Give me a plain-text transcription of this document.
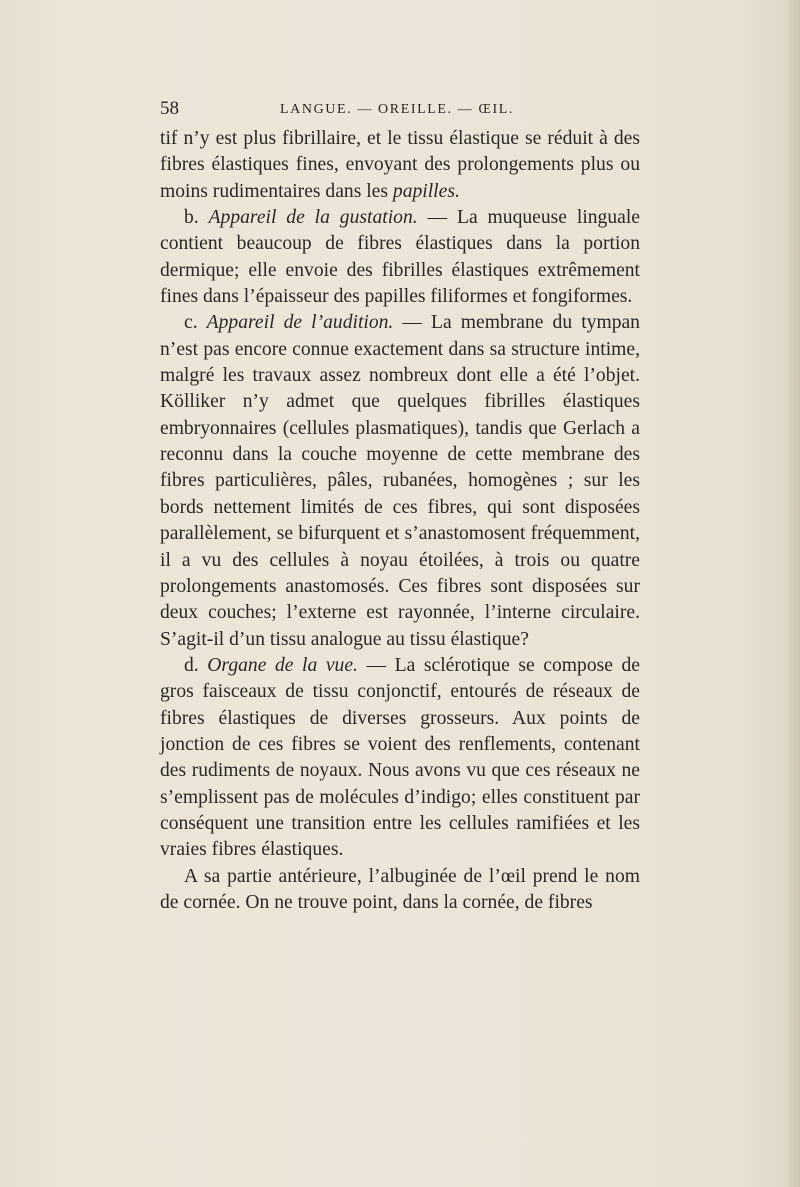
58	LANGUE. — OREILLE. — ŒIL.

tif n’y est plus fibrillaire, et le tissu élastique se réduit à des fibres élastiques fines, envoyant des prolongements plus ou moins rudimentaires dans les papilles.

b. Appareil de la gustation. — La muqueuse linguale contient beaucoup de fibres élastiques dans la portion dermique; elle envoie des fibrilles élastiques extrêmement fines dans l’épaisseur des papilles filiformes et fongiformes.

c. Appareil de l’audition. — La membrane du tympan n’est pas encore connue exactement dans sa structure intime, malgré les travaux assez nombreux dont elle a été l’objet. Kölliker n’y admet que quelques fibrilles élastiques embryonnaires (cellules plasmatiques), tandis que Gerlach a reconnu dans la couche moyenne de cette membrane des fibres particulières, pâles, rubanées, homogènes ; sur les bords nettement limités de ces fibres, qui sont disposées parallèlement, se bifurquent et s’anastomosent fréquemment, il a vu des cellules à noyau étoilées, à trois ou quatre prolongements anastomosés. Ces fibres sont disposées sur deux couches; l’externe est rayonnée, l’interne circulaire. S’agit-il d’un tissu analogue au tissu élastique?

d. Organe de la vue. — La sclérotique se compose de gros faisceaux de tissu conjonctif, entourés de réseaux de fibres élastiques de diverses grosseurs. Aux points de jonction de ces fibres se voient des renflements, contenant des rudiments de noyaux. Nous avons vu que ces réseaux ne s’emplissent pas de molécules d’indigo; elles constituent par conséquent une transition entre les cellules ramifiées et les vraies fibres élastiques.

A sa partie antérieure, l’albuginée de l’œil prend le nom de cornée. On ne trouve point, dans la cornée, de fibres
